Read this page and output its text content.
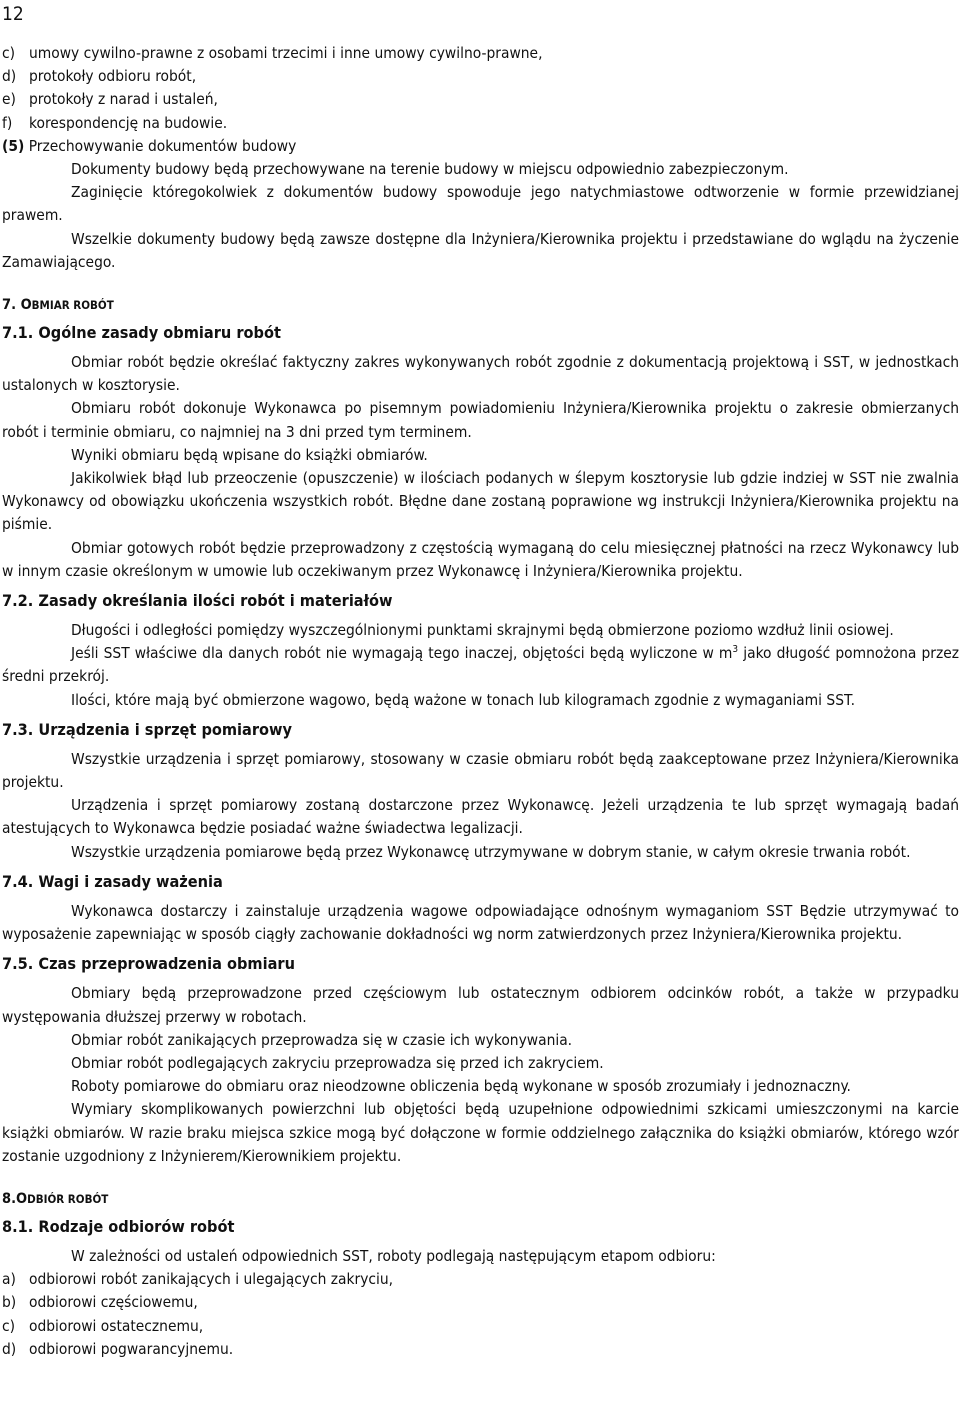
12

c) umowy cywilno-prawne z osobami trzecimi i inne umowy cywilno-prawne,

d) protokoły odbioru robót,

e) protokoły z narad i ustaleń,

f) korespondencję na budowie.

(5) Przechowywanie dokumentów budowy

Dokumenty budowy będą przechowywane na terenie budowy w miejscu odpowiednio zabezpieczonym.

Zaginięcie któregokolwiek z dokumentów budowy spowoduje jego natychmiastowe odtworzenie w formie przewidzianej prawem.

Wszelkie dokumenty budowy będą zawsze dostępne dla Inżyniera/Kierownika projektu i przedstawiane do wglądu na życzenie Zamawiającego.

7. OBMIAR ROBÓT

7.1. Ogólne zasady obmiaru robót

Obmiar robót będzie określać faktyczny zakres wykonywanych robót zgodnie z dokumentacją projektową i SST, w jednostkach ustalonych w kosztorysie.

Obmiaru robót dokonuje Wykonawca po pisemnym powiadomieniu Inżyniera/Kierownika projektu o zakresie obmierzanych robót i terminie obmiaru, co najmniej na 3 dni przed tym terminem.

Wyniki obmiaru będą wpisane do książki obmiarów.

Jakikolwiek błąd lub przeoczenie (opuszczenie) w ilościach podanych w ślepym kosztorysie lub gdzie indziej w SST nie zwalnia Wykonawcy od obowiązku ukończenia wszystkich robót. Błędne dane zostaną poprawione wg instrukcji Inżyniera/Kierownika projektu na piśmie.

Obmiar gotowych robót będzie przeprowadzony z częstością wymaganą do celu miesięcznej płatności na rzecz Wykonawcy lub w innym czasie określonym w umowie lub oczekiwanym przez Wykonawcę i Inżyniera/Kierownika projektu.

7.2. Zasady określania ilości robót i materiałów

Długości i odległości pomiędzy wyszczególnionymi punktami skrajnymi będą obmierzone poziomo wzdłuż linii osiowej.

Jeśli SST właściwe dla danych robót nie wymagają tego inaczej, objętości będą wyliczone w $m^3$ jako długość pomnożona przez średni przekrój.

Ilości, które mają być obmierzone wagowo, będą ważone w tonach lub kilogramach zgodnie z wymaganiami SST.

7.3. Urządzenia i sprzęt pomiarowy

Wszystkie urządzenia i sprzęt pomiarowy, stosowany w czasie obmiaru robót będą zaakceptowane przez Inżyniera/Kierownika projektu.

Urządzenia i sprzęt pomiarowy zostaną dostarczone przez Wykonawcę. Jeżeli urządzenia te lub sprzęt wymagają badań atestujących to Wykonawca będzie posiadać ważne świadectwa legalizacji.

Wszystkie urządzenia pomiarowe będą przez Wykonawcę utrzymywane w dobrym stanie, w całym okresie trwania robót.

7.4. Wagi i zasady ważenia

Wykonawca dostarczy i zainstaluje urządzenia wagowe odpowiadające odnośnym wymaganiom SST Będzie utrzymywać to wyposażenie zapewniając w sposób ciągły zachowanie dokładności wg norm zatwierdzonych przez Inżyniera/Kierownika projektu.

7.5. Czas przeprowadzenia obmiaru

Obmiary będą przeprowadzone przed częściowym lub ostatecznym odbiorem odcinków robót, a także w przypadku występowania dłuższej przerwy w robotach.

Obmiar robót zanikających przeprowadza się w czasie ich wykonywania.

Obmiar robót podlegających zakryciu przeprowadza się przed ich zakryciem.

Roboty pomiarowe do obmiaru oraz nieodzowne obliczenia będą wykonane w sposób zrozumiały i jednoznaczny.

Wymiary skomplikowanych powierzchni lub objętości będą uzupełnione odpowiednimi szkicami umieszczonymi na karcie książki obmiarów. W razie braku miejsca szkice mogą być dołączone w formie oddzielnego załącznika do książki obmiarów, którego wzór zostanie uzgodniony z Inżynierem/Kierownikiem projektu.

8.ODBIÓR ROBÓT

8.1. Rodzaje odbiorów robót

W zależności od ustaleń odpowiednich SST, roboty podlegają następującym etapom odbioru:

a) odbiorowi robót zanikających i ulegających zakryciu,

b) odbiorowi częściowemu,

c) odbiorowi ostatecznemu,

d) odbiorowi pogwarancyjnemu.
